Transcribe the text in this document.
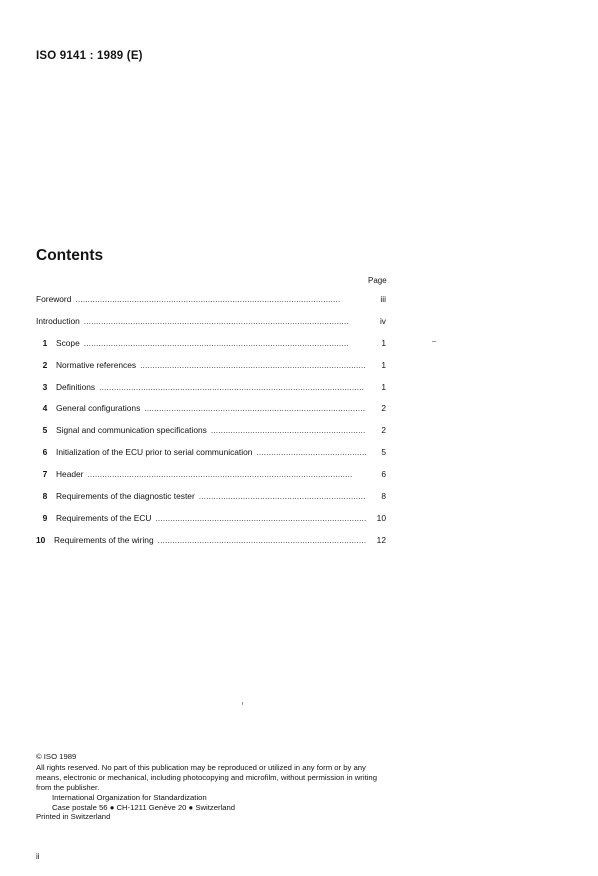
ISO 9141 : 1989 (E)
Contents
Page
Foreword . . .	iii
Introduction . . .	iv
1	Scope . . .	1
2	Normative references . . .	1
3	Definitions . . .	1
4	General configurations . . .	2
5	Signal and communication specifications . . .	2
6	Initialization of the ECU prior to serial communication . . .	5
7	Header . . .	6
8	Requirements of the diagnostic tester . . .	8
9	Requirements of the ECU . . .	10
10	Requirements of the wiring . . .	12

© ISO 1989

All rights reserved. No part of this publication may be reproduced or utilized in any form or by any means, electronic or mechanical, including photocopying and microfilm, without permission in writing from the publisher.

International Organization for Standardization

Case postale 56 ● CH-1211 Genève 20 ● Switzerland

Printed in Switzerland

ii
